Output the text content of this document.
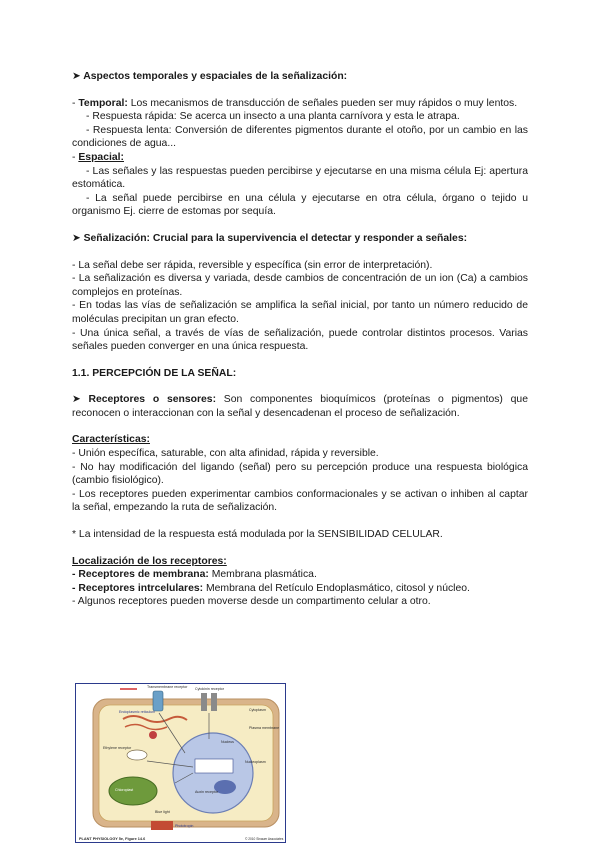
➤ Aspectos temporales y espaciales de la señalización:

- Temporal: Los mecanismos de transducción de señales pueden ser muy rápidos o muy lentos.

- Respuesta rápida: Se acerca un insecto a una planta carnívora y esta le atrapa.

- Respuesta lenta: Conversión de diferentes pigmentos durante el otoño, por un cambio en las condiciones de agua...

- Espacial:

- Las señales y las respuestas pueden percibirse y ejecutarse en una misma célula Ej: apertura estomática.

- La señal puede percibirse en una célula y ejecutarse en otra célula, órgano o tejido u organismo Ej. cierre de estomas por sequía.

➤ Señalización: Crucial para la supervivencia el detectar y responder a señales:

- La señal debe ser rápida, reversible y específica (sin error de interpretación).

- La señalización es diversa y variada, desde cambios de concentración de un ion (Ca) a cambios complejos en proteínas.

- En todas las vías de señalización se amplifica la señal inicial, por tanto un número reducido de moléculas precipitan un gran efecto.

- Una única señal, a través de vías de señalización, puede controlar distintos procesos. Varias señales pueden converger en una única respuesta.

1.1. PERCEPCIÓN DE LA SEÑAL:

➤ Receptores o sensores: Son componentes bioquímicos (proteínas o pigmentos) que reconocen o interaccionan con la señal y desencadenan el proceso de señalización.

Características:

- Unión específica, saturable, con alta afinidad, rápida y reversible.

- No hay modificación del ligando (señal) pero su percepción produce una respuesta biológica (cambio fisiológico).

- Los receptores pueden experimentar cambios conformacionales y se activan o inhiben al captar la señal, empezando la ruta de señalización.

* La intensidad de la respuesta está modulada por la SENSIBILIDAD CELULAR.

Localización de los receptores:

- Receptores de membrana: Membrana plasmática.

- Receptores intrcelulares: Membrana del Retículo Endoplasmático, citosol y núcleo.

- Algunos receptores pueden moverse desde un compartimento celular a otro.

Transmembrane receptor Cytokinin receptor
Cytoplasm
Plasma membrane
Endoplasmic reticulum
Ethylene receptor
Nucleus
Nucleoplasm
Auxin receptor
Blue light
Chloroplast
Phototropin
PLANT PHYSIOLOGY 5e, Figure 14.6	© 2010 Sinauer Associates
